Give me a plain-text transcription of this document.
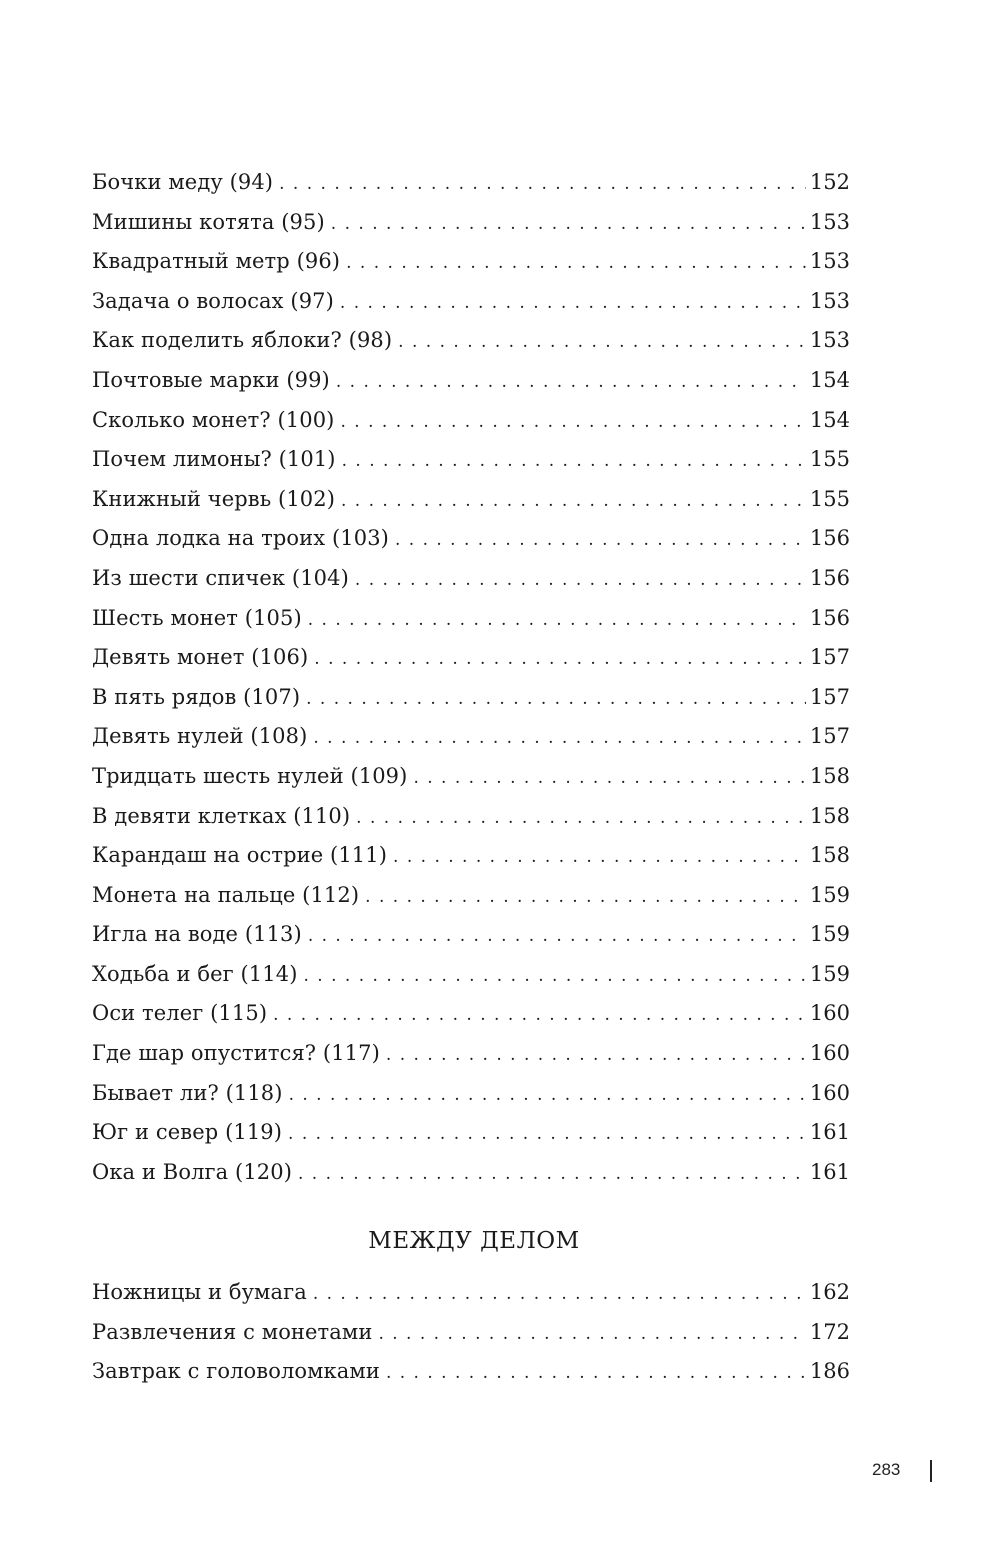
Бочки меду (94) . . .	152
Мишины котята (95) . . .	153
Квадратный метр (96) . . .	153
Задача о волосах (97) . . .	153
Как поделить яблоки? (98) . . .	153
Почтовые марки (99) . . .	154
Сколько монет? (100) . . .	154
Почем лимоны? (101) . . .	155
Книжный червь (102) . . .	155
Одна лодка на троих (103) . . .	156
Из шести спичек (104) . . .	156
Шесть монет (105) . . .	156
Девять монет (106) . . .	157
В пять рядов (107) . . .	157
Девять нулей (108) . . .	157
Тридцать шесть нулей (109) . . .	158
В девяти клетках (110) . . .	158
Карандаш на острие (111) . . .	158
Монета на пальце (112) . . .	159
Игла на воде (113) . . .	159
Ходьба и бег (114) . . .	159
Оси телег (115) . . .	160
Где шар опустится? (117) . . .	160
Бывает ли? (118) . . .	160
Юг и север (119) . . .	161
Ока и Волга (120) . . .	161
МЕЖДУ ДЕЛОМ
Ножницы и бумага . . .	162
Развлечения с монетами . . .	172
Завтрак с головоломками . . .	186
283
